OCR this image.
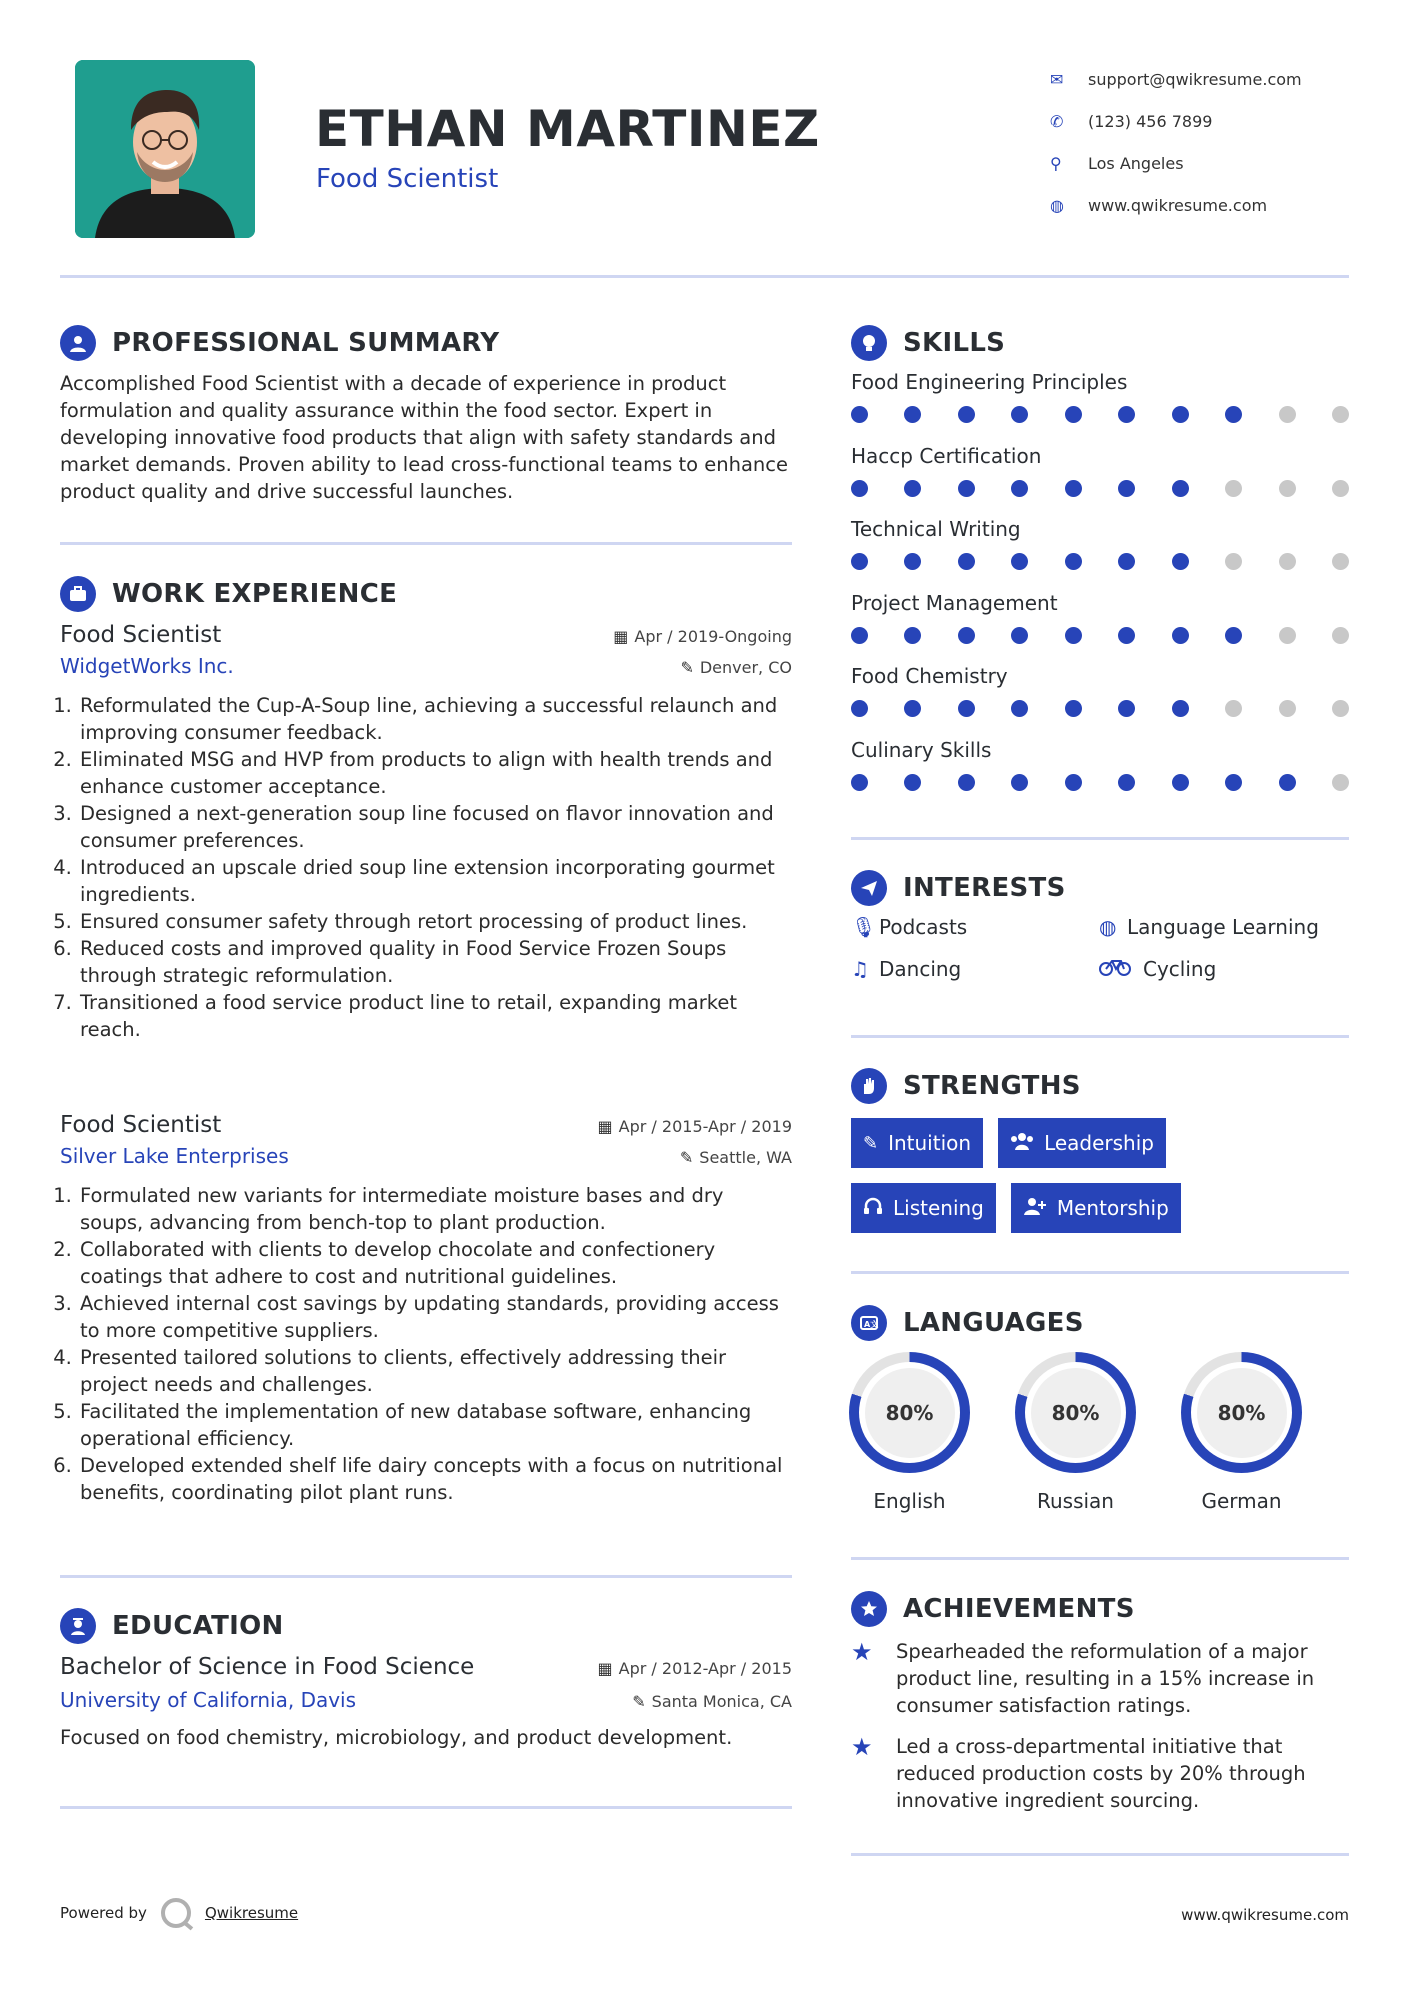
ETHAN MARTINEZ
Food Scientist
✉	support@qwikresume.com
✆	(123) 456 7899
⚲	Los Angeles
◍	www.qwikresume.com
PROFESSIONAL SUMMARY
Accomplished Food Scientist with a decade of experience in product formulation and quality assurance within the food sector. Expert in developing innovative food products that align with safety standards and market demands. Proven ability to lead cross-functional teams to enhance product quality and drive successful launches.
WORK EXPERIENCE
Food Scientist	▦ Apr / 2019-Ongoing
WidgetWorks Inc.	✎ Denver, CO
1. Reformulated the Cup-A-Soup line, achieving a successful relaunch and improving consumer feedback.
2. Eliminated MSG and HVP from products to align with health trends and enhance customer acceptance.
3. Designed a next-generation soup line focused on flavor innovation and consumer preferences.
4. Introduced an upscale dried soup line extension incorporating gourmet ingredients.
5. Ensured consumer safety through retort processing of product lines.
6. Reduced costs and improved quality in Food Service Frozen Soups through strategic reformulation.
7. Transitioned a food service product line to retail, expanding market reach.
Food Scientist	▦ Apr / 2015-Apr / 2019
Silver Lake Enterprises	✎ Seattle, WA
1. Formulated new variants for intermediate moisture bases and dry soups, advancing from bench-top to plant production.
2. Collaborated with clients to develop chocolate and confectionery coatings that adhere to cost and nutritional guidelines.
3. Achieved internal cost savings by updating standards, providing access to more competitive suppliers.
4. Presented tailored solutions to clients, effectively addressing their project needs and challenges.
5. Facilitated the implementation of new database software, enhancing operational efficiency.
6. Developed extended shelf life dairy concepts with a focus on nutritional benefits, coordinating pilot plant runs.
EDUCATION
Bachelor of Science in Food Science	▦ Apr / 2012-Apr / 2015
University of California, Davis	✎ Santa Monica, CA
Focused on food chemistry, microbiology, and product development.
SKILLS
Food Engineering Principles
Haccp Certification
Technical Writing
Project Management
Food Chemistry
Culinary Skills
INTERESTS
🎙︎ Podcasts	◍ Language Learning
♫ Dancing	Cycling
STRENGTHS
✎ Intuition	Leadership
Listening	Mentorship
A文 LANGUAGES
80%
English
80%
Russian
80%
German
ACHIEVEMENTS
★	Spearheaded the reformulation of a major product line, resulting in a 15% increase in consumer satisfaction ratings.
★	Led a cross-departmental initiative that reduced production costs by 20% through innovative ingredient sourcing.
Powered by	Qwikresume	www.qwikresume.com
